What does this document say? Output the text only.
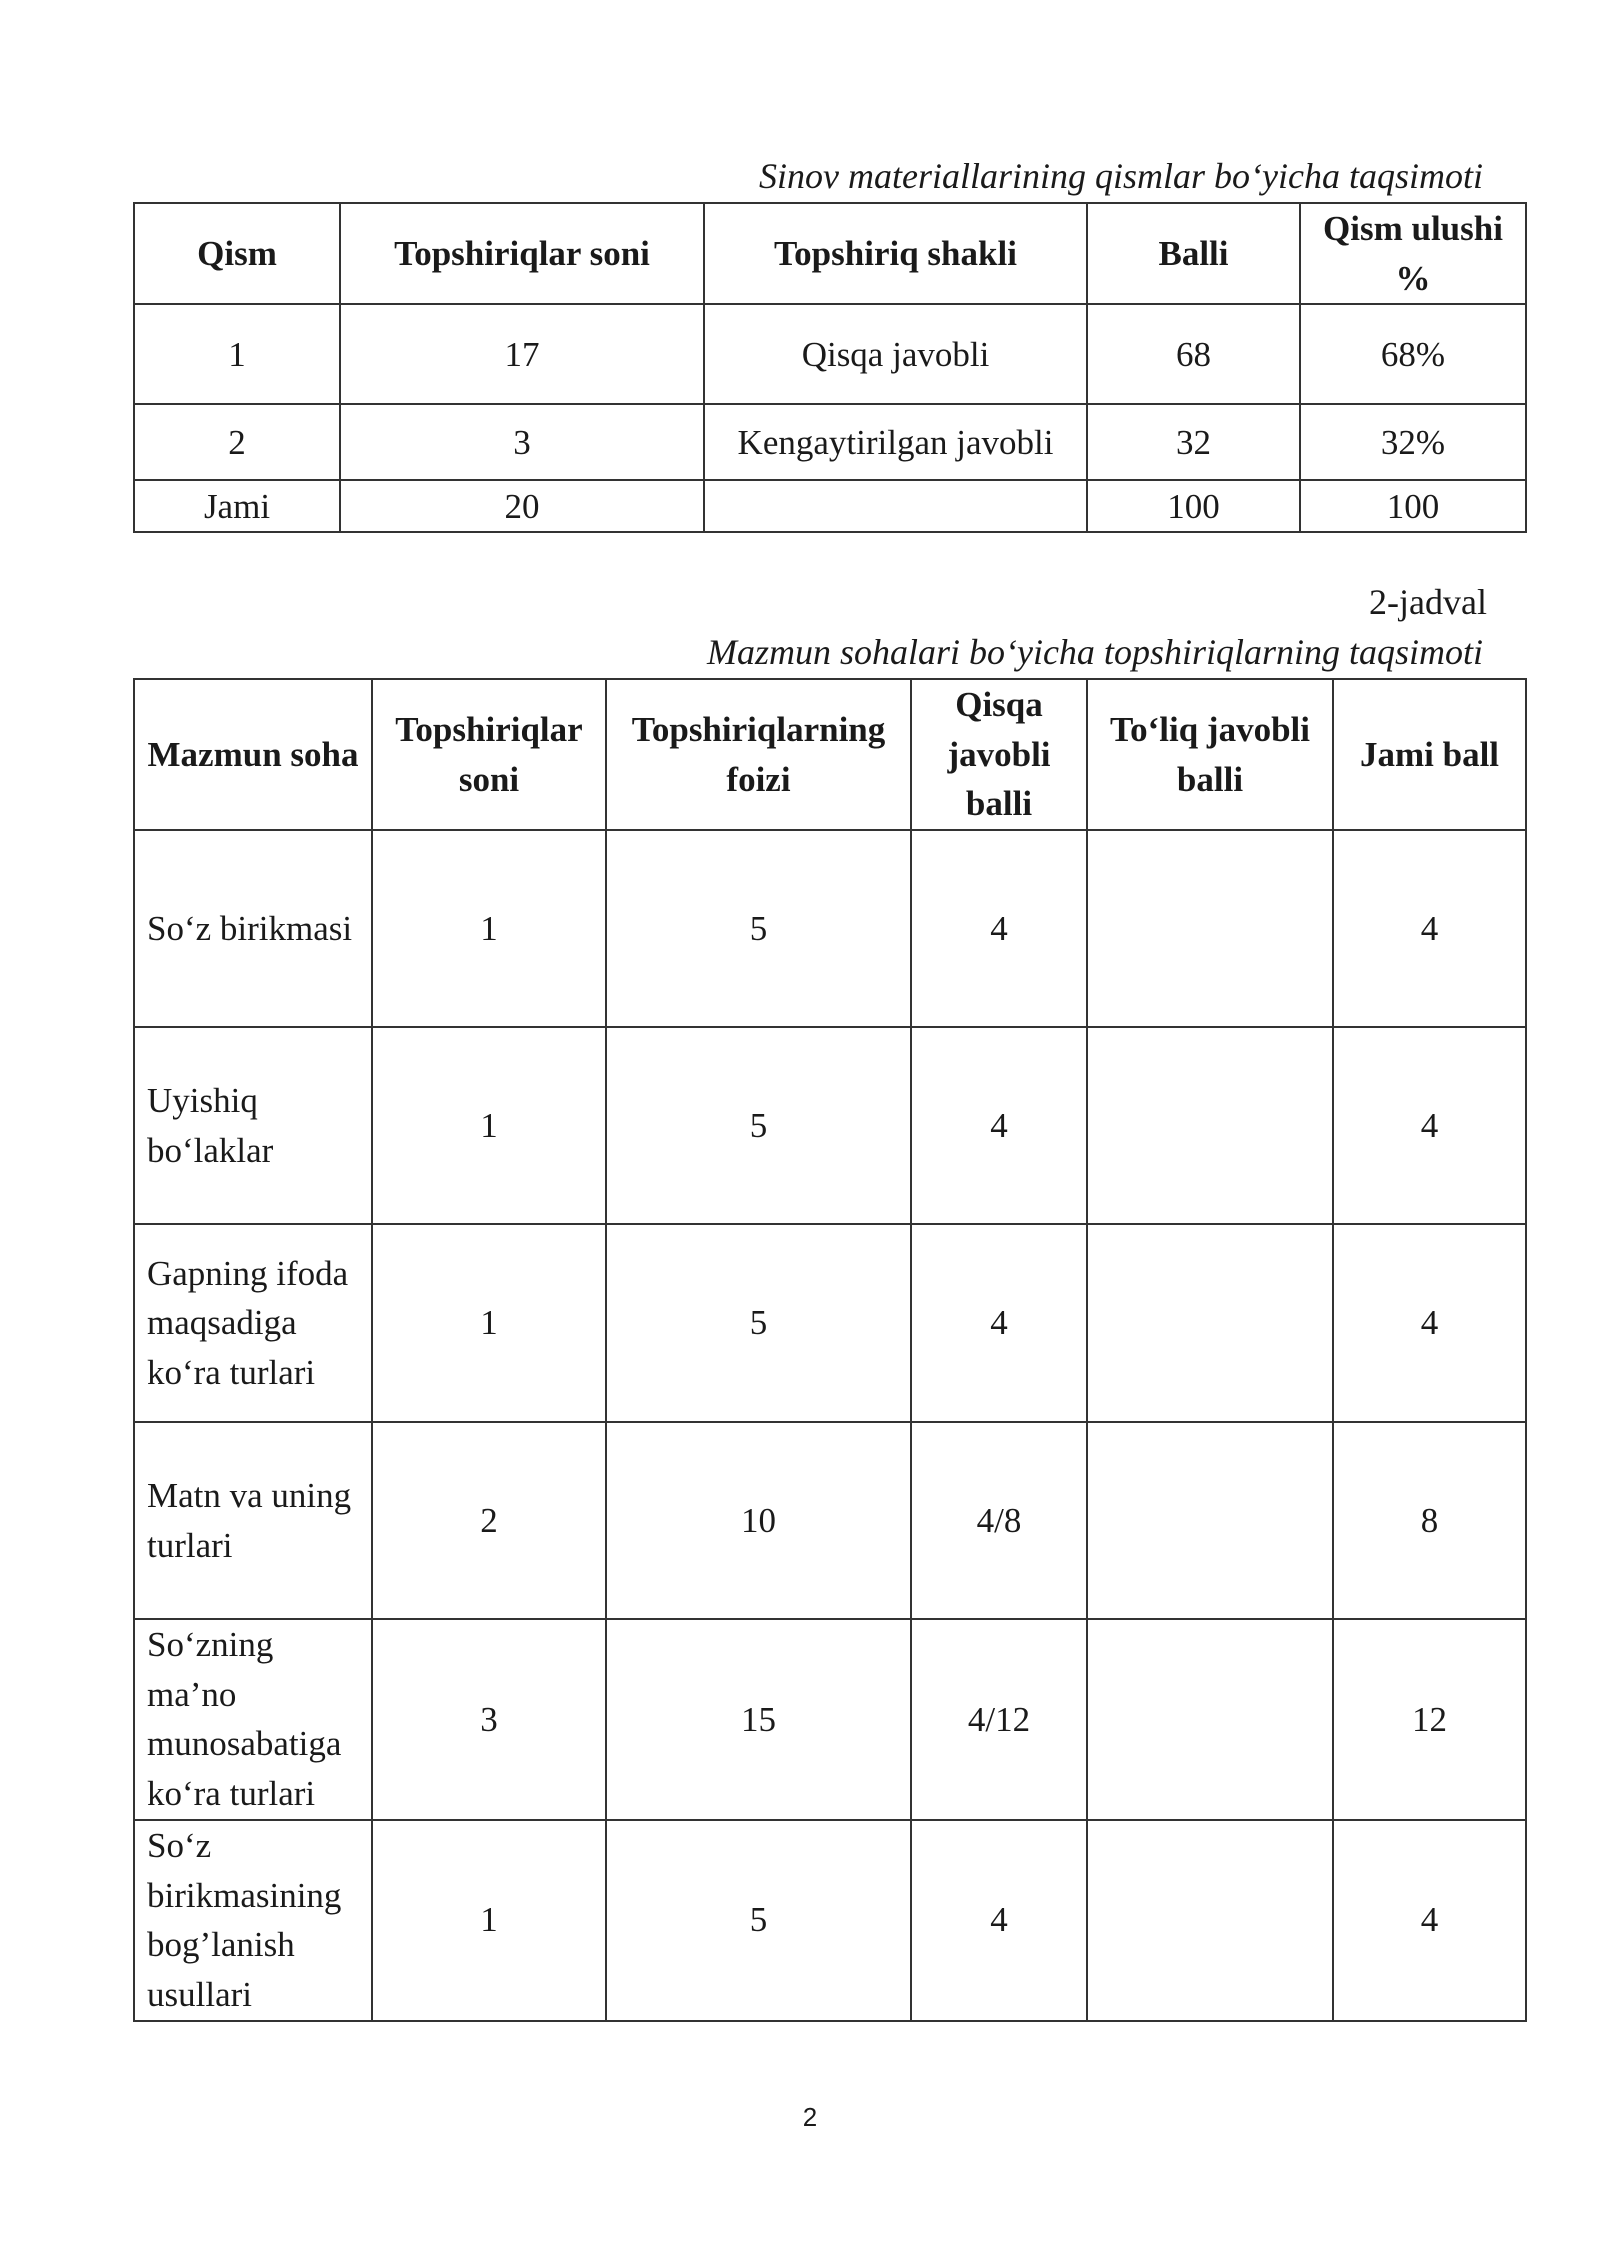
Sinov materiallarining qismlar bo‘yicha taqsimoti
Qism	Topshiriqlar soni	Topshiriq shakli	Balli	Qism ulushi %
1	17	Qisqa javobli	68	68%
2	3	Kengaytirilgan javobli	32	32%
Jami	20		100	100
2-jadval
Mazmun sohalari bo‘yicha topshiriqlarning taqsimoti
Mazmun soha	Topshiriqlar soni	Topshiriqlarning foizi	Qisqa javobli balli	To‘liq javobli balli	Jami ball
So‘z birikmasi	1	5	4		4
Uyishiq bo‘laklar	1	5	4		4
Gapning ifoda maqsadiga ko‘ra turlari	1	5	4		4
Matn va uning turlari	2	10	4/8		8
So‘zning ma’no munosabatiga ko‘ra turlari	3	15	4/12		12
So‘z birikmasining bog’lanish usullari	1	5	4		4
2
